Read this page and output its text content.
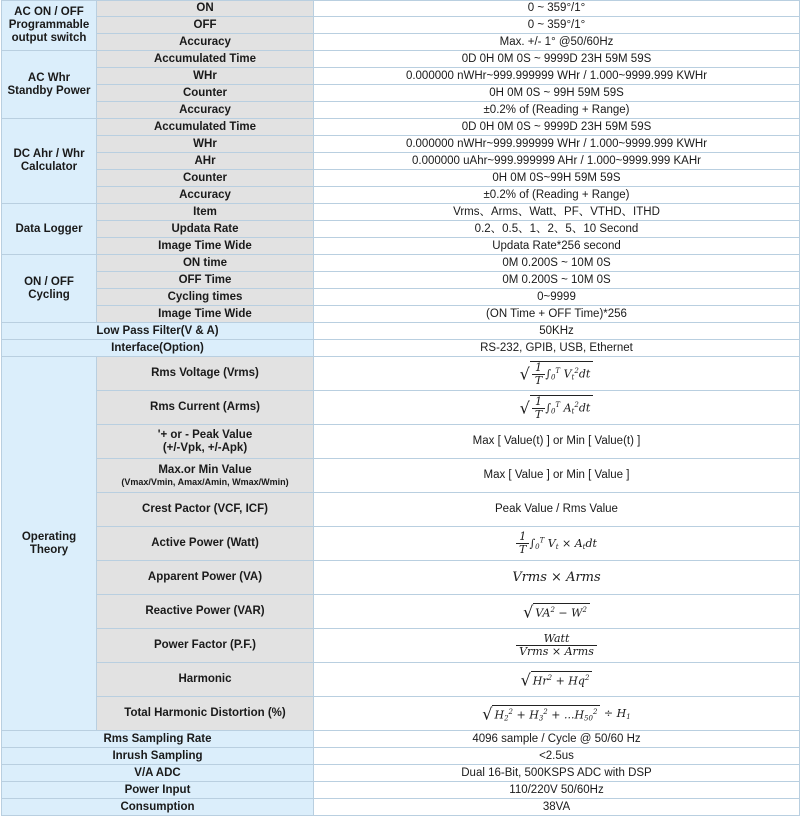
AC ON / OFF Programmable output switch	ON	0 ~ 359°/1°
	OFF	0 ~ 359°/1°
	Accuracy	Max. +/- 1° @50/60Hz
AC Whr Standby Power	Accumulated Time	0D 0H 0M 0S ~ 9999D 23H 59M 59S
	WHr	0.000000 nWHr~999.999999 WHr / 1.000~9999.999 KWHr
	Counter	0H 0M 0S ~ 99H 59M 59S
	Accuracy	±0.2% of (Reading + Range)
DC Ahr / Whr Calculator	Accumulated Time	0D 0H 0M 0S ~ 9999D 23H 59M 59S
	WHr	0.000000 nWHr~999.999999 WHr / 1.000~9999.999 KWHr
	AHr	0.000000 uAhr~999.999999 AHr / 1.000~9999.999 KAHr
	Counter	0H 0M 0S~99H 59M 59S
	Accuracy	±0.2% of (Reading + Range)
Data Logger	Item	Vrms、Arms、Watt、PF、VTHD、ITHD
	Updata Rate	0.2、0.5、1、2、5、10 Second
	Image Time Wide	Updata Rate*256 second
ON / OFF Cycling	ON time	0M 0.200S ~ 10M 0S
	OFF Time	0M 0.200S ~ 10M 0S
	Cycling times	0~9999
	Image Time Wide	(ON Time + OFF Time)*256
Low Pass Filter(V & A)		50KHz
Interface(Option)		RS-232, GPIB, USB, Ethernet
Operating Theory	Rms Voltage (Vrms)	√ $\frac{1}{T} \int_0^T$ $V_t^2dt$
	Rms Current (Arms)	√ $\frac{1}{T} \int_0^T$ $A_t^2dt$

	'+ or - Peak Value
(+/-Vpk, +/-Apk)	Max [ Value(t) ] or Min [ Value(t) ]

	Max.or Min Value
(Vmax/Vmin, Amax/Amin, Wmax/Wmin)	Max [ Value ] or Min [ Value ]
	Crest Pactor (VCF, ICF)	Peak Value / Rms Value
	Active Power (Watt)	$\frac{1}{T} \int_0^T$ $V_t \times A_tdt$
	Apparent Power (VA)	Vrms × Arms
	Reactive Power (VAR)	√ $VA^2 - W^2$
	Power Factor (P.F.)	$\frac{\text{Watt}}{\text{Vrms × Arms}}$

	Harmonic	√ $Hr^2 + Hq^2$
	Total Harmonic Distortion (%)	√ $H_2^2 + H_3^2 + ...H_{50}^2 \div H_1$
Rms Sampling Rate		4096 sample / Cycle @ 50/60 Hz
Inrush Sampling		<2.5us
V/A ADC		Dual 16-Bit, 500KSPS ADC with DSP
Power Input		110/220V 50/60Hz
Consumption		38VA
